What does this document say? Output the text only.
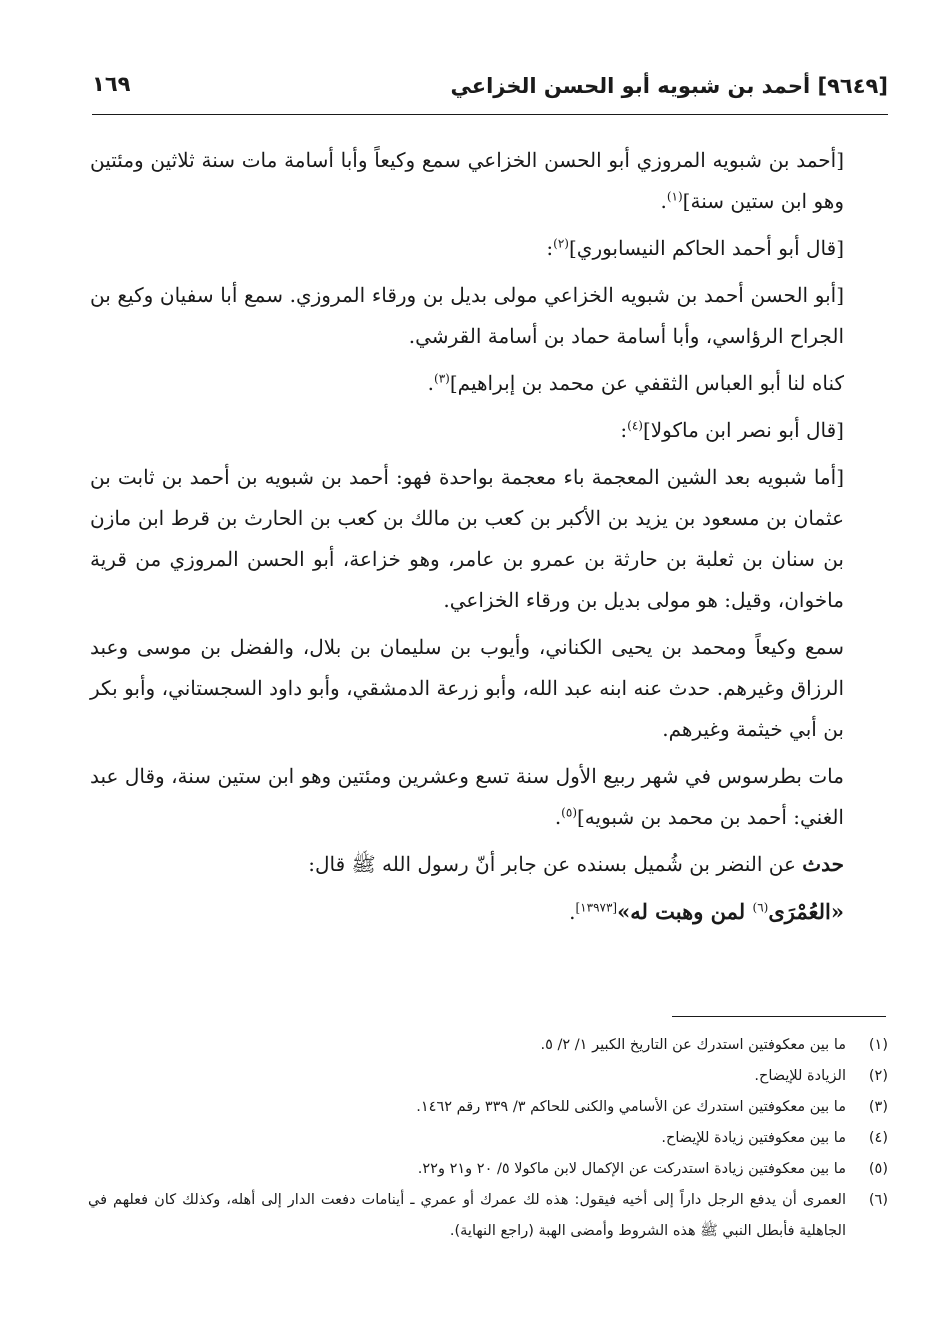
[٩٦٤٩] أحمد بن شبويه أبو الحسن الخزاعي
١٦٩

[أحمد بن شبويه المروزي أبو الحسن الخزاعي سمع وكيعاً وأبا أسامة مات سنة ثلاثين ومئتين وهو ابن ستين سنة]$^{(١)}$.

[قال أبو أحمد الحاكم النيسابوري]$^{(٢)}$:

[أبو الحسن أحمد بن شبويه الخزاعي مولى بديل بن ورقاء المروزي. سمع أبا سفيان وكيع بن الجراح الرؤاسي، وأبا أسامة حماد بن أسامة القرشي.

كناه لنا أبو العباس الثقفي عن محمد بن إبراهيم]$^{(٣)}$.

[قال أبو نصر ابن ماكولا]$^{(٤)}$:

[أما شبويه بعد الشين المعجمة باء معجمة بواحدة فهو: أحمد بن شبويه بن أحمد بن ثابت بن عثمان بن مسعود بن يزيد بن الأكبر بن كعب بن مالك بن كعب بن الحارث بن قرط ابن مازن بن سنان بن ثعلبة بن حارثة بن عمرو بن عامر، وهو خزاعة، أبو الحسن المروزي من قرية ماخوان، وقيل: هو مولى بديل بن ورقاء الخزاعي.

سمع وكيعاً ومحمد بن يحيى الكناني، وأيوب بن سليمان بن بلال، والفضل بن موسى وعبد الرزاق وغيرهم. حدث عنه ابنه عبد الله، وأبو زرعة الدمشقي، وأبو داود السجستاني، وأبو بكر بن أبي خيثمة وغيرهم.

مات بطرسوس في شهر ربيع الأول سنة تسع وعشرين ومئتين وهو ابن ستين سنة، وقال عبد الغني: أحمد بن محمد بن شبويه]$^{(٥)}$.

حدث عن النضر بن شُميل بسنده عن جابر أنّ رسول الله ﷺ قال:

«العُمْرَى$^{(٦)}$ لمن وهبت له»[١٣٩٧٣].

(١)
ما بين معكوفتين استدرك عن التاريخ الكبير ١/ ٢/ ٥.
(٢)
الزيادة للإيضاح.
(٣)
ما بين معكوفتين استدرك عن الأسامي والكنى للحاكم ٣/ ٣٣٩ رقم ١٤٦٢.
(٤)
ما بين معكوفتين زيادة للإيضاح.
(٥)
ما بين معكوفتين زيادة استدركت عن الإكمال لابن ماكولا ٥/ ٢٠ و٢١ و٢٢.
(٦)
العمرى أن يدفع الرجل داراً إلى أخيه فيقول: هذه لك عمرك أو عمري ـ أينامات دفعت الدار إلى أهله، وكذلك كان فعلهم في الجاهلية فأبطل النبي ﷺ هذه الشروط وأمضى الهبة (راجع النهاية).
